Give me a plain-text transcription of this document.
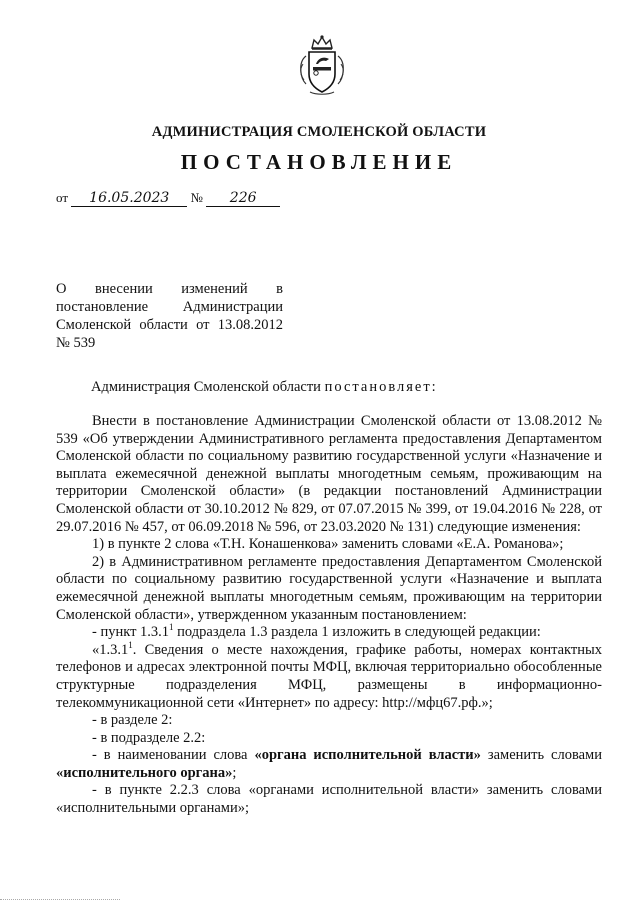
АДМИНИСТРАЦИЯ СМОЛЕНСКОЙ ОБЛАСТИ
ПОСТАНОВЛЕНИЕ
от 16.05.2023 № 226
О внесении изменений в постановление Администрации Смоленской области от 13.08.2012 № 539
Администрация Смоленской области постановляет:

Внести в постановление Администрации Смоленской области от 13.08.2012 № 539 «Об утверждении Административного регламента предоставления Департаментом Смоленской области по социальному развитию государственной услуги «Назначение и выплата ежемесячной денежной выплаты многодетным семьям, проживающим на территории Смоленской области» (в редакции постановлений Администрации Смоленской области от 30.10.2012 № 829, от 07.07.2015 № 399, от 19.04.2016 № 228, от 29.07.2016 № 457, от 06.09.2018 № 596, от 23.03.2020 № 131) следующие изменения:

1) в пункте 2 слова «Т.Н. Конашенкова» заменить словами «Е.А. Романова»;

2) в Административном регламенте предоставления Департаментом Смоленской области по социальному развитию государственной услуги «Назначение и выплата ежемесячной денежной выплаты многодетным семьям, проживающим на территории Смоленской области», утвержденном указанным постановлением:

- пункт 1.3.1$^1$ подраздела 1.3 раздела 1 изложить в следующей редакции:

«1.3.1$^1$. Сведения о месте нахождения, графике работы, номерах контактных телефонов и адресах электронной почты МФЦ, включая территориально обособленные структурные подразделения МФЦ, размещены в информационно-телекоммуникационной сети «Интернет» по адресу: http://мфц67.рф.»;

- в разделе 2:

- в подразделе 2.2:

- в наименовании слова «органа исполнительной власти» заменить словами «исполнительного органа»;

- в пункте 2.2.3 слова «органами исполнительной власти» заменить словами «исполнительными органами»;
